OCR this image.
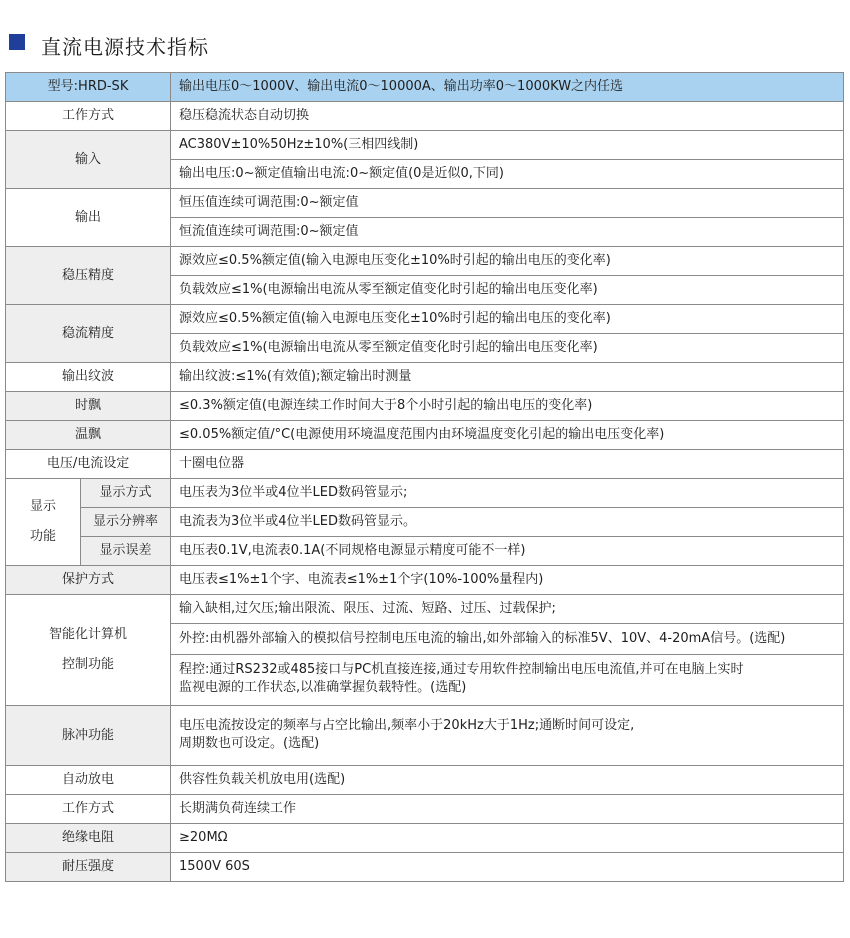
直流电源技术指标
型号:HRD-SK		输出电压0～1000V、输出电流0～10000A、输出功率0～1000KW之内任选
工作方式		稳压稳流状态自动切换
输入		AC380V±10%50Hz±10%(三相四线制)
		输出电压:0~额定值输出电流:0~额定值(0是近似0,下同)
输出		恒压值连续可调范围:0~额定值
		恒流值连续可调范围:0~额定值
稳压精度		源效应≤0.5%额定值(输入电源电压变化±10%时引起的输出电压的变化率)
		负载效应≤1%(电源输出电流从零至额定值变化时引起的输出电压变化率)
稳流精度		源效应≤0.5%额定值(输入电源电压变化±10%时引起的输出电压的变化率)
		负载效应≤1%(电源输出电流从零至额定值变化时引起的输出电压变化率)
输出纹波		输出纹波:≤1%(有效值);额定输出时测量
时飘		≤0.3%额定值(电源连续工作时间大于8个小时引起的输出电压的变化率)
温飘		≤0.05%额定值/°C(电源使用环境温度范围内由环境温度变化引起的输出电压变化率)
电压/电流设定		十圈电位器

显示
功能	显示方式	电压表为3位半或4位半LED数码管显示;
	显示分辨率	电流表为3位半或4位半LED数码管显示。
	显示误差	电压表0.1V,电流表0.1A(不同规格电源显示精度可能不一样)
保护方式		电压表≤1%±1个字、电流表≤1%±1个字(10%-100%量程内)

智能化计算机
控制功能		输入缺相,过欠压;输出限流、限压、过流、短路、过压、过载保护;
		外控:由机器外部输入的模拟信号控制电压电流的输出,如外部输入的标准5V、10V、4-20mA信号。(选配)

		程控:通过RS232或485接口与PC机直接连接,通过专用软件控制输出电压电流值,并可在电脑上实时
监视电源的工作状态,以准确掌握负载特性。(选配)

脉冲功能		电压电流按设定的频率与占空比输出,频率小于20kHz大于1Hz;通断时间可设定,
周期数也可设定。(选配)

自动放电		供容性负载关机放电用(选配)
工作方式		长期满负荷连续工作
绝缘电阻		≥20MΩ
耐压强度		1500V 60S
